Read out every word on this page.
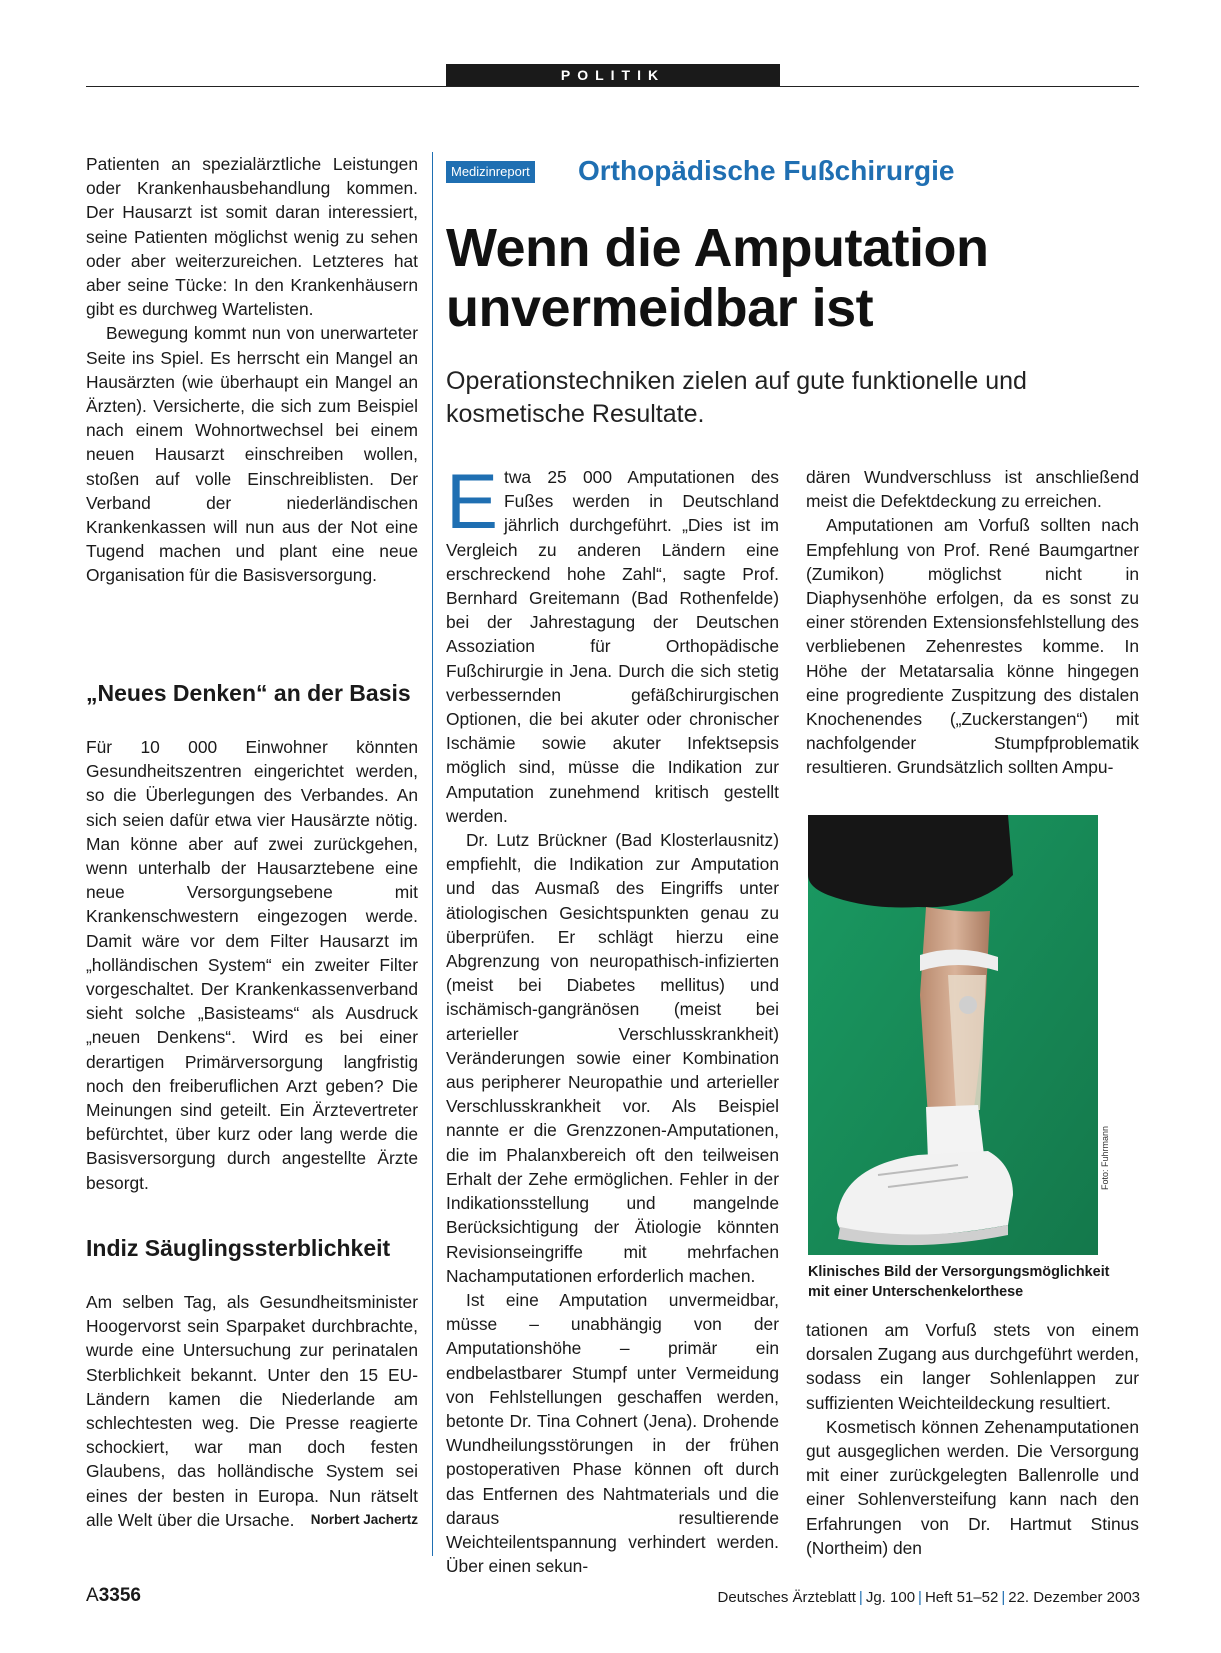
POLITIK

Patienten an spezialärztliche Leistungen oder Krankenhausbehandlung kommen. Der Hausarzt ist somit daran interessiert, seine Patienten möglichst wenig zu sehen oder aber weiterzureichen. Letzteres hat aber seine Tücke: In den Krankenhäusern gibt es durchweg Wartelisten.

Bewegung kommt nun von unerwarteter Seite ins Spiel. Es herrscht ein Mangel an Hausärzten (wie überhaupt ein Mangel an Ärzten). Versicherte, die sich zum Beispiel nach einem Wohnortwechsel bei einem neuen Hausarzt einschreiben wollen, stoßen auf volle Einschreiblisten. Der Verband der niederländischen Krankenkassen will nun aus der Not eine Tugend machen und plant eine neue Organisation für die Basisversorgung.

„Neues Denken“ an der Basis

Für 10 000 Einwohner könnten Gesundheitszentren eingerichtet werden, so die Überlegungen des Verbandes. An sich seien dafür etwa vier Hausärzte nötig. Man könne aber auf zwei zurückgehen, wenn unterhalb der Hausarztebene eine neue Versorgungsebene mit Krankenschwestern eingezogen werde. Damit wäre vor dem Filter Hausarzt im „holländischen System“ ein zweiter Filter vorgeschaltet. Der Krankenkassenverband sieht solche „Basisteams“ als Ausdruck „neuen Denkens“. Wird es bei einer derartigen Primärversorgung langfristig noch den freiberuflichen Arzt geben? Die Meinungen sind geteilt. Ein Ärztevertreter befürchtet, über kurz oder lang werde die Basisversorgung durch angestellte Ärzte besorgt.

Indiz Säuglingssterblichkeit

Am selben Tag, als Gesundheitsminister Hoogervorst sein Sparpaket durchbrachte, wurde eine Untersuchung zur perinatalen Sterblichkeit bekannt. Unter den 15 EU-Ländern kamen die Niederlande am schlechtesten weg. Die Presse reagierte schockiert, war man doch festen Glaubens, das holländische System sei eines der besten in Europa. Nun rätselt alle Welt über die Ursache. Norbert Jachertz

Medizinreport Orthopädische Fußchirurgie
Wenn die Amputation
unvermeidbar ist
Operationstechniken zielen auf gute funktionelle und kosmetische Resultate.

Etwa 25 000 Amputationen des Fußes werden in Deutschland jährlich durchgeführt. „Dies ist im Vergleich zu anderen Ländern eine erschreckend hohe Zahl“, sagte Prof. Bernhard Greitemann (Bad Rothenfelde) bei der Jahrestagung der Deutschen Assoziation für Orthopädische Fußchirurgie in Jena. Durch die sich stetig verbessernden gefäßchirurgischen Optionen, die bei akuter oder chronischer Ischämie sowie akuter Infektsepsis möglich sind, müsse die Indikation zur Amputation zunehmend kritisch gestellt werden.

Dr. Lutz Brückner (Bad Klosterlausnitz) empfiehlt, die Indikation zur Amputation und das Ausmaß des Eingriffs unter ätiologischen Gesichtspunkten genau zu überprüfen. Er schlägt hierzu eine Abgrenzung von neuropathisch-infizierten (meist bei Diabetes mellitus) und ischämisch-gangränösen (meist bei arterieller Verschlusskrankheit) Veränderungen sowie einer Kombination aus peripherer Neuropathie und arterieller Verschlusskrankheit vor. Als Beispiel nannte er die Grenzzonen-Amputationen, die im Phalanxbereich oft den teilweisen Erhalt der Zehe ermöglichen. Fehler in der Indikationsstellung und mangelnde Berücksichtigung der Ätiologie könnten Revisionseingriffe mit mehrfachen Nachamputationen erforderlich machen.

Ist eine Amputation unvermeidbar, müsse – unabhängig von der Amputationshöhe – primär ein endbelastbarer Stumpf unter Vermeidung von Fehlstellungen geschaffen werden, betonte Dr. Tina Cohnert (Jena). Drohende Wundheilungsstörungen in der frühen postoperativen Phase können oft durch das Entfernen des Nahtmaterials und die daraus resultierende Weichteilentspannung verhindert werden. Über einen sekun-

dären Wundverschluss ist anschließend meist die Defektdeckung zu erreichen.

Amputationen am Vorfuß sollten nach Empfehlung von Prof. René Baumgartner (Zumikon) möglichst nicht in Diaphysenhöhe erfolgen, da es sonst zu einer störenden Extensionsfehlstellung des verbliebenen Zehenrestes komme. In Höhe der Metatarsalia könne hingegen eine progrediente Zuspitzung des distalen Knochenendes („Zuckerstangen“) mit nachfolgender Stumpfproblematik resultieren. Grundsätzlich sollten Ampu-

Foto: Fuhrmann
Klinisches Bild der Versorgungsmöglichkeit mit einer Unterschenkelorthese

tationen am Vorfuß stets von einem dorsalen Zugang aus durchgeführt werden, sodass ein langer Sohlenlappen zur suffizienten Weichteildeckung resultiert.

Kosmetisch können Zehenamputationen gut ausgeglichen werden. Die Versorgung mit einer zurückgelegten Ballenrolle und einer Sohlenversteifung kann nach den Erfahrungen von Dr. Hartmut Stinus (Northeim) den

A3356	Deutsches Ärzteblatt | Jg. 100 | Heft 51–52 | 22. Dezember 2003
